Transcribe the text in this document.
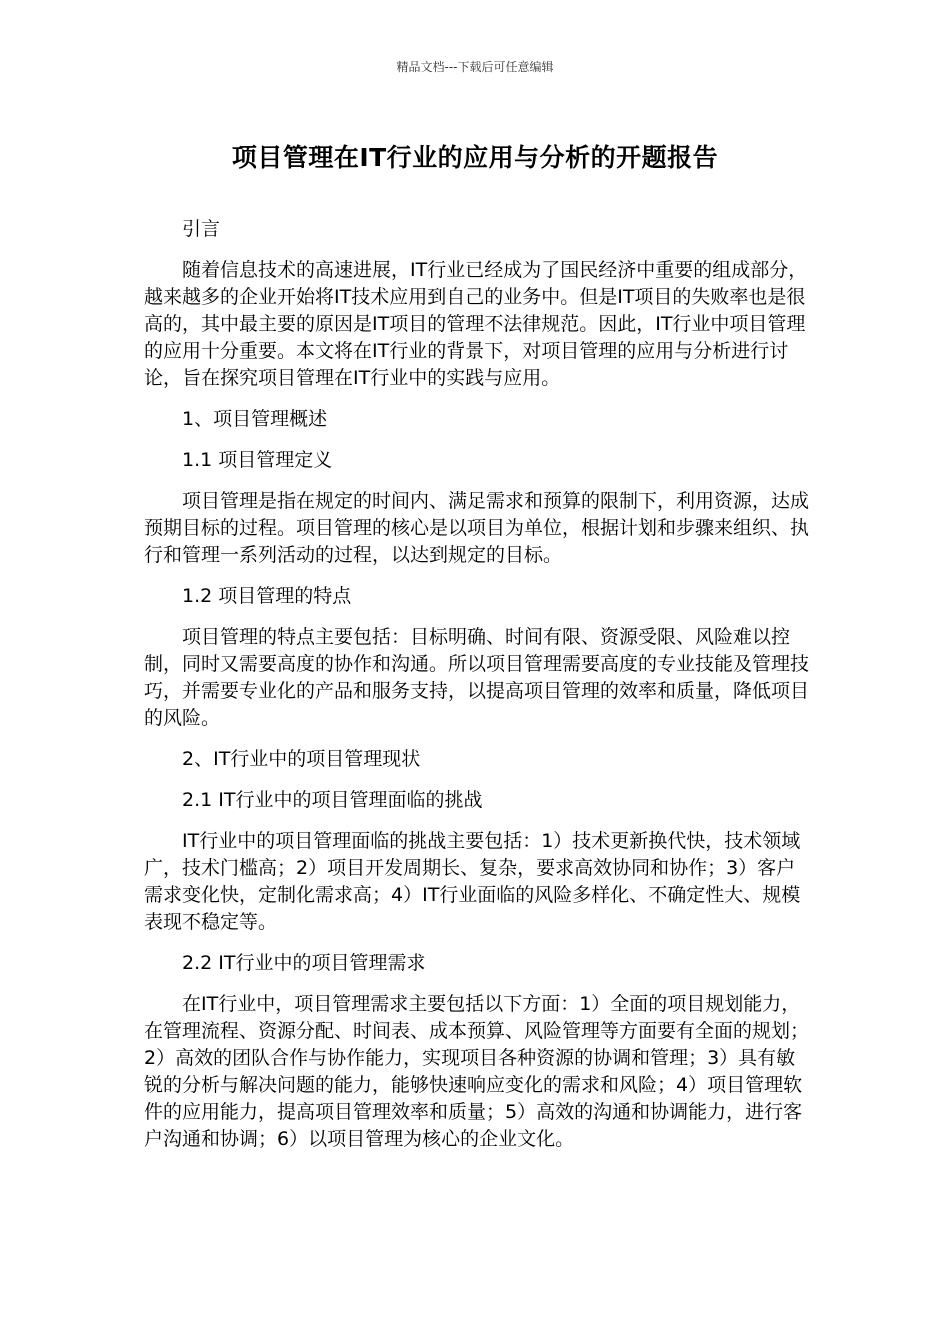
精品文档---下载后可任意编辑
项目管理在IT行业的应用与分析的开题报告

引言

随着信息技术的高速进展，IT行业已经成为了国民经济中重要的组成部分，越来越多的企业开始将IT技术应用到自己的业务中。但是IT项目的失败率也是很高的，其中最主要的原因是IT项目的管理不法律规范。因此，IT行业中项目管理的应用十分重要。本文将在IT行业的背景下，对项目管理的应用与分析进行讨论，旨在探究项目管理在IT行业中的实践与应用。

1、项目管理概述

1.1 项目管理定义

项目管理是指在规定的时间内、满足需求和预算的限制下，利用资源，达成预期目标的过程。项目管理的核心是以项目为单位，根据计划和步骤来组织、执行和管理一系列活动的过程，以达到规定的目标。

1.2 项目管理的特点

项目管理的特点主要包括：目标明确、时间有限、资源受限、风险难以控制，同时又需要高度的协作和沟通。所以项目管理需要高度的专业技能及管理技巧，并需要专业化的产品和服务支持，以提高项目管理的效率和质量，降低项目的风险。

2、IT行业中的项目管理现状

2.1 IT行业中的项目管理面临的挑战

IT行业中的项目管理面临的挑战主要包括：1）技术更新换代快，技术领域广，技术门槛高；2）项目开发周期长、复杂，要求高效协同和协作；3）客户需求变化快，定制化需求高；4）IT行业面临的风险多样化、不确定性大、规模表现不稳定等。

2.2 IT行业中的项目管理需求

在IT行业中，项目管理需求主要包括以下方面：1）全面的项目规划能力，在管理流程、资源分配、时间表、成本预算、风险管理等方面要有全面的规划；2）高效的团队合作与协作能力，实现项目各种资源的协调和管理；3）具有敏锐的分析与解决问题的能力，能够快速响应变化的需求和风险；4）项目管理软件的应用能力，提高项目管理效率和质量；5）高效的沟通和协调能力，进行客户沟通和协调；6）以项目管理为核心的企业文化。
